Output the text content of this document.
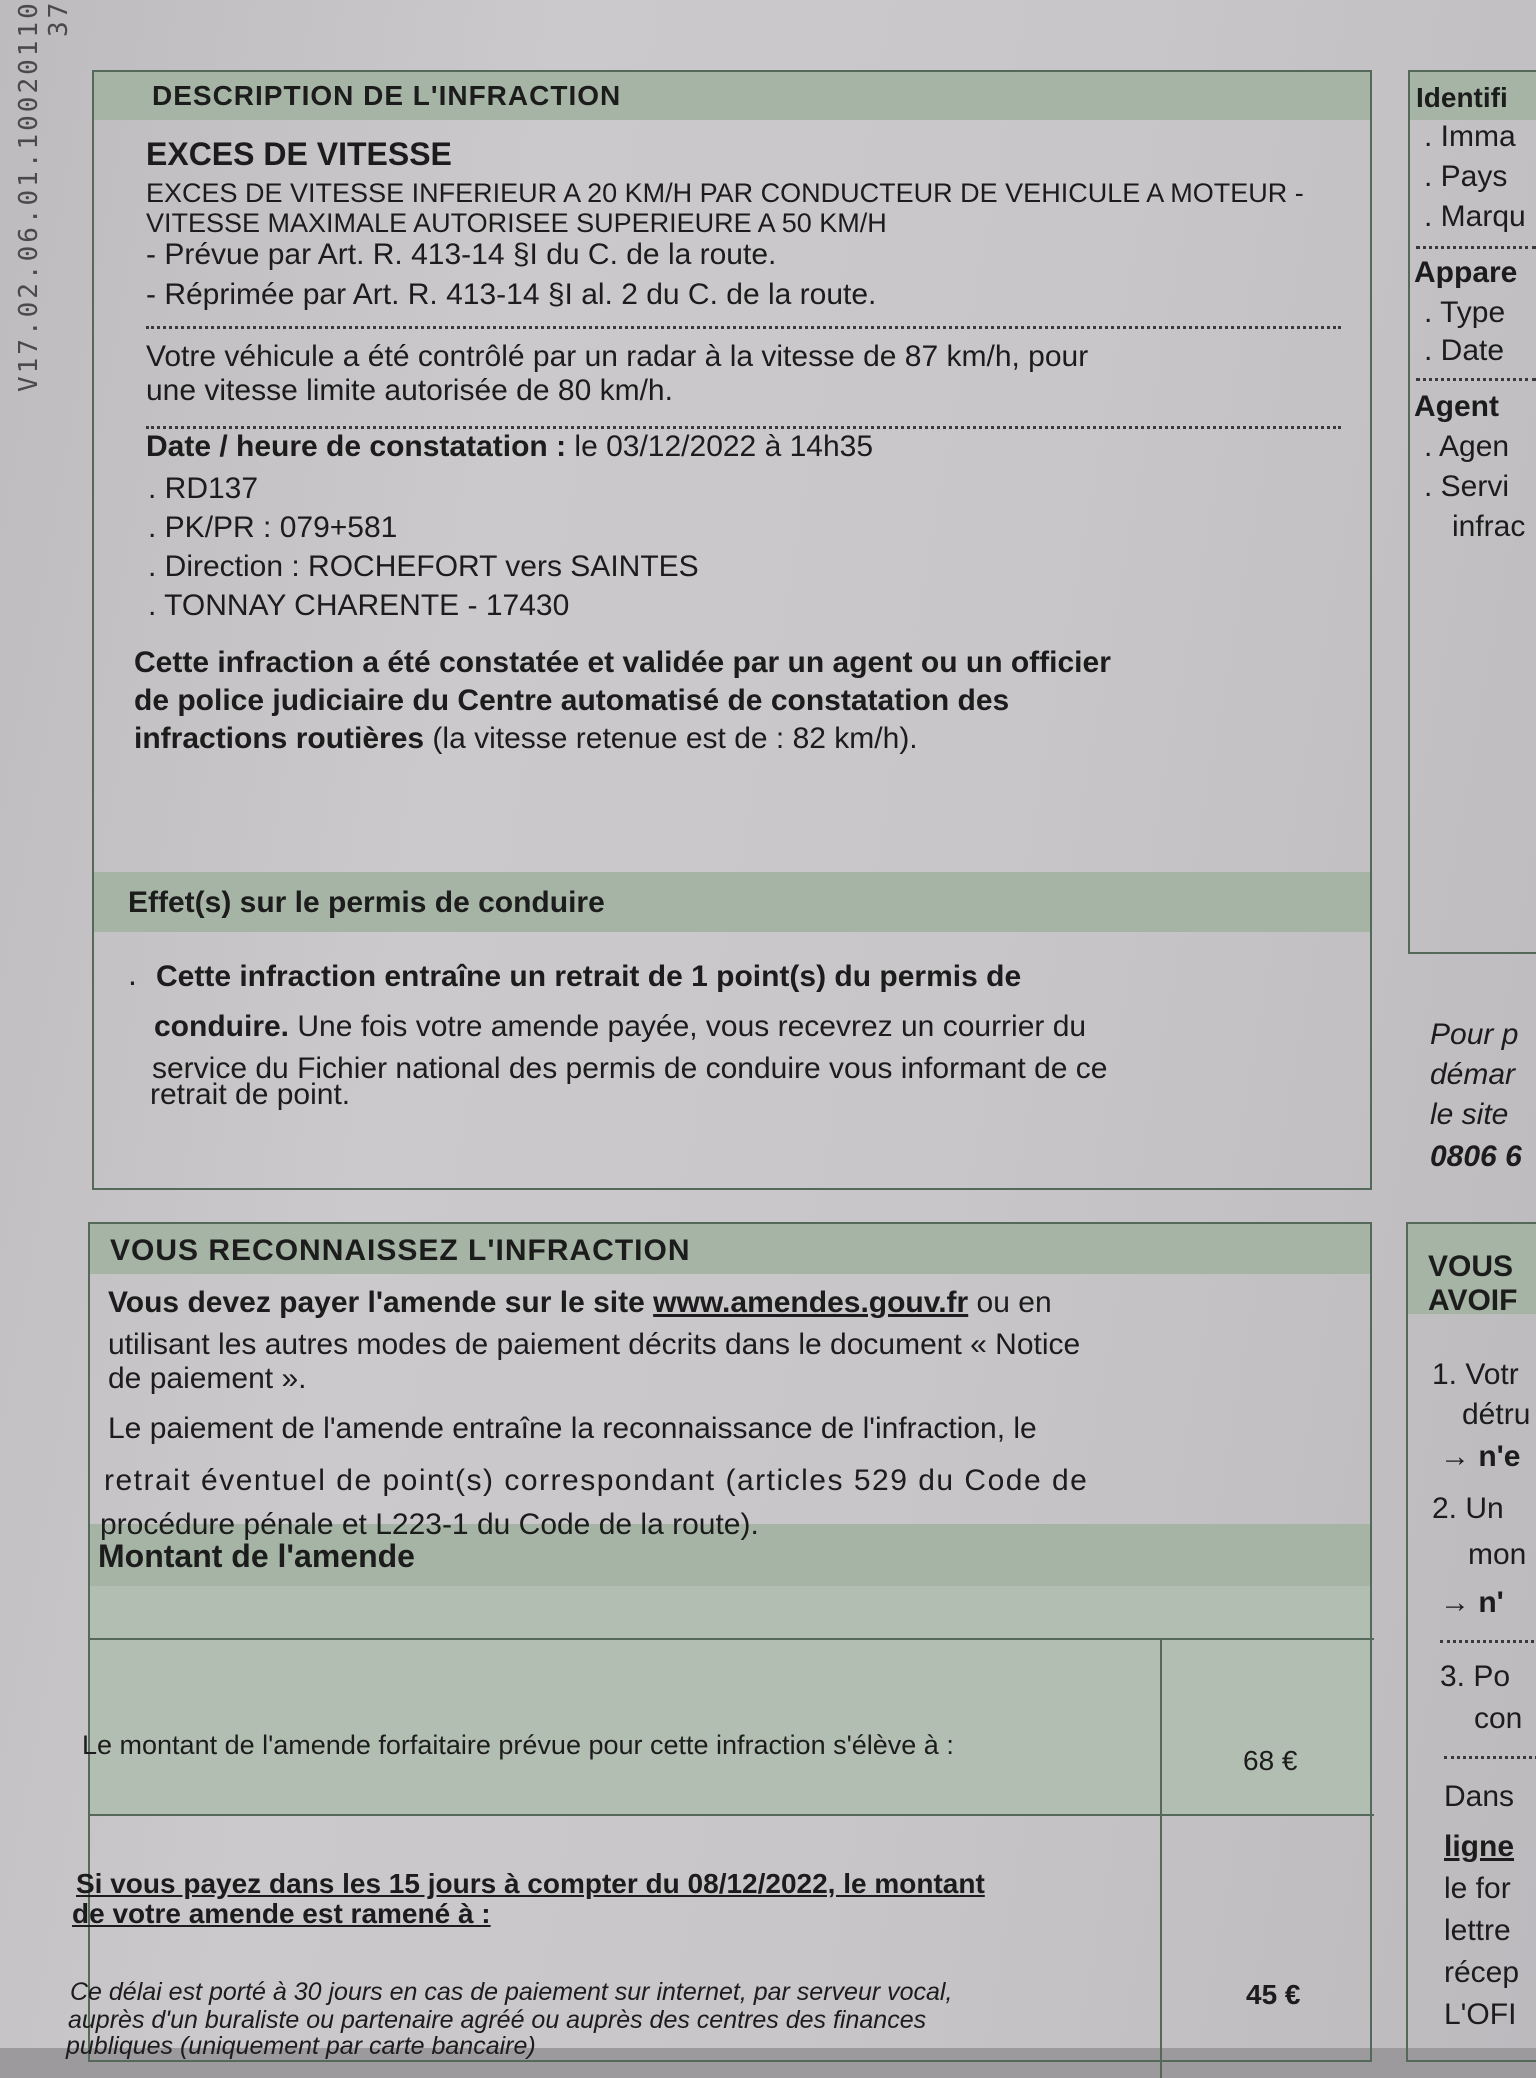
V17.02.06.01.10020110 37
DESCRIPTION DE L'INFRACTION
Effet(s) sur le permis de conduire
EXCES DE VITESSE
EXCES DE VITESSE INFERIEUR A 20 KM/H PAR CONDUCTEUR DE VEHICULE A MOTEUR -
VITESSE MAXIMALE AUTORISEE SUPERIEURE A 50 KM/H
- Prévue par Art. R. 413-14 §I du C. de la route.
- Réprimée par Art. R. 413-14 §I al. 2 du C. de la route.
Votre véhicule a été contrôlé par un radar à la vitesse de 87 km/h, pour
une vitesse limite autorisée de 80 km/h.
Date / heure de constatation : le 03/12/2022 à 14h35
. RD137
. PK/PR : 079+581
. Direction : ROCHEFORT vers SAINTES
. TONNAY CHARENTE - 17430
Cette infraction a été constatée et validée par un agent ou un officier
de police judiciaire du Centre automatisé de constatation des
infractions routières (la vitesse retenue est de : 82 km/h).
. Cette infraction entraîne un retrait de 1 point(s) du permis de
conduire. Une fois votre amende payée, vous recevrez un courrier du
service du Fichier national des permis de conduire vous informant de ce
retrait de point.
VOUS RECONNAISSEZ L'INFRACTION
Montant de l'amende
Vous devez payer l'amende sur le site www.amendes.gouv.fr ou en
utilisant les autres modes de paiement décrits dans le document « Notice
de paiement ».
Le paiement de l'amende entraîne la reconnaissance de l'infraction, le
retrait éventuel de point(s) correspondant (articles 529 du Code de
procédure pénale et L223-1 du Code de la route).
Le montant de l'amende forfaitaire prévue pour cette infraction s'élève à :	68 €
Si vous payez dans les 15 jours à compter du 08/12/2022, le montant
de votre amende est ramené à :
Ce délai est porté à 30 jours en cas de paiement sur internet, par serveur vocal,
auprès d'un buraliste ou partenaire agréé ou auprès des centres des finances
publiques (uniquement par carte bancaire)
45 €
Identifi
. Imma
. Pays
. Marqu
Appare
. Type
. Date
Agent
. Agen
. Servi
infrac
Pour p
démar
le site
0806 6
VOUS
AVOIF
1. Votr
détru
→ n'e
2. Un
mon
→ n'
3. Po
con
Dans
ligne
le for
lettre
récep
L'OFI
